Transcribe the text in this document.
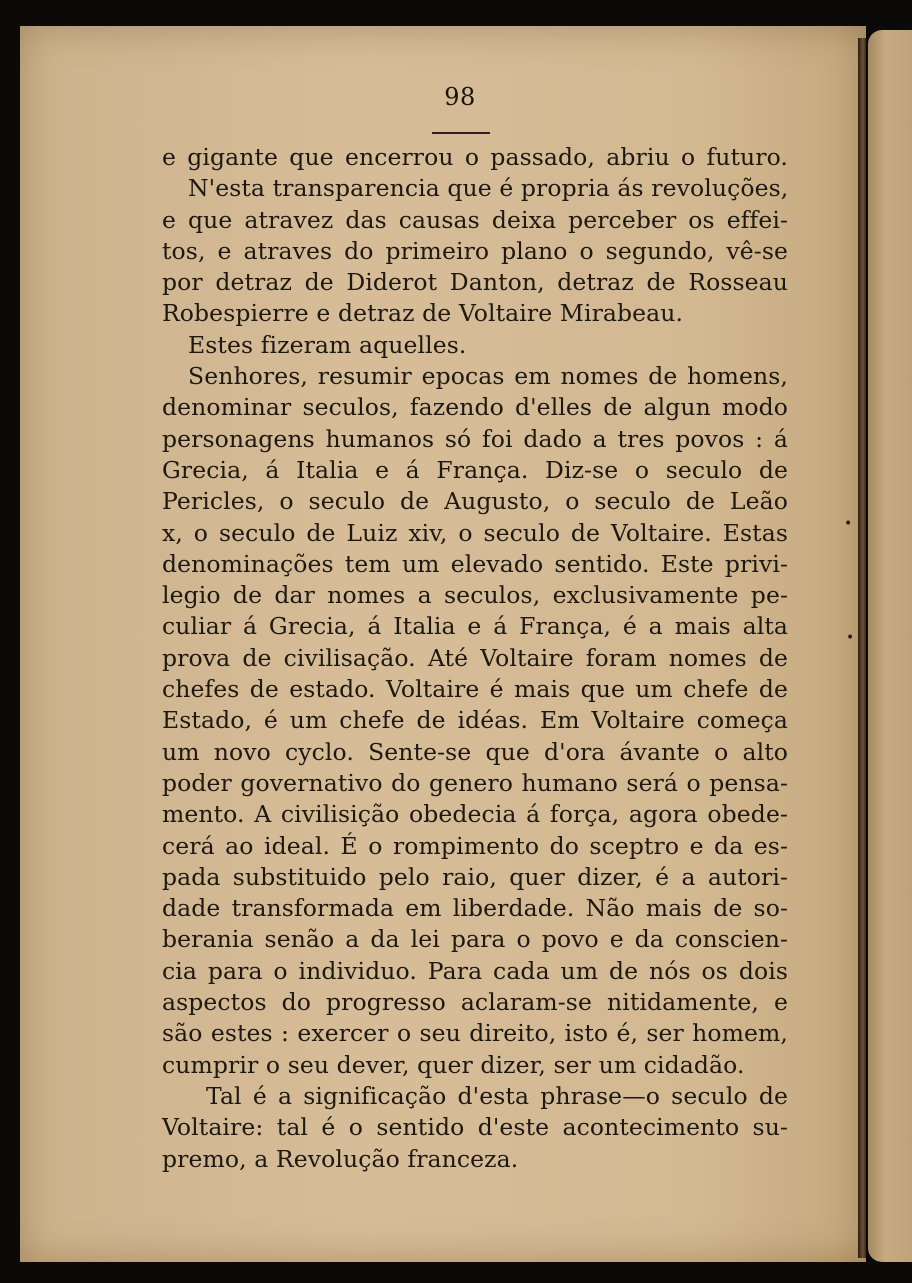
98
e gigante que encerrou o passado, abriu o futuro.
N'esta transparencia que é propria ás revoluções,
e que atravez das causas deixa perceber os effei-
tos, e atraves do primeiro plano o segundo, vê-se
por detraz de Diderot Danton, detraz de Rosseau
Robespierre e detraz de Voltaire Mirabeau.
Estes fizeram aquelles.
Senhores, resumir epocas em nomes de homens,
denominar seculos, fazendo d'elles de algun modo
personagens humanos só foi dado a tres povos : á
Grecia, á Italia e á França. Diz-se o seculo de
Pericles, o seculo de Augusto, o seculo de Leão
x, o seculo de Luiz xiv, o seculo de Voltaire. Estas
denominações tem um elevado sentido. Este privi-
legio de dar nomes a seculos, exclusivamente pe-
culiar á Grecia, á Italia e á França, é a mais alta
prova de civilisação. Até Voltaire foram nomes de
chefes de estado. Voltaire é mais que um chefe de
Estado, é um chefe de idéas. Em Voltaire começa
um novo cyclo. Sente-se que d'ora ávante o alto
poder governativo do genero humano será o pensa-
mento. A civilisição obedecia á força, agora obede-
cerá ao ideal. É o rompimento do sceptro e da es-
pada substituido pelo raio, quer dizer, é a autori-
dade transformada em liberdade. Não mais de so-
berania senão a da lei para o povo e da conscien-
cia para o individuo. Para cada um de nós os dois
aspectos do progresso aclaram-se nitidamente, e
são estes : exercer o seu direito, isto é, ser homem,
cumprir o seu dever, quer dizer, ser um cidadão.
Tal é a significação d'esta phrase—o seculo de
Voltaire: tal é o sentido d'este acontecimento su-
premo, a Revolução franceza.
•
•
